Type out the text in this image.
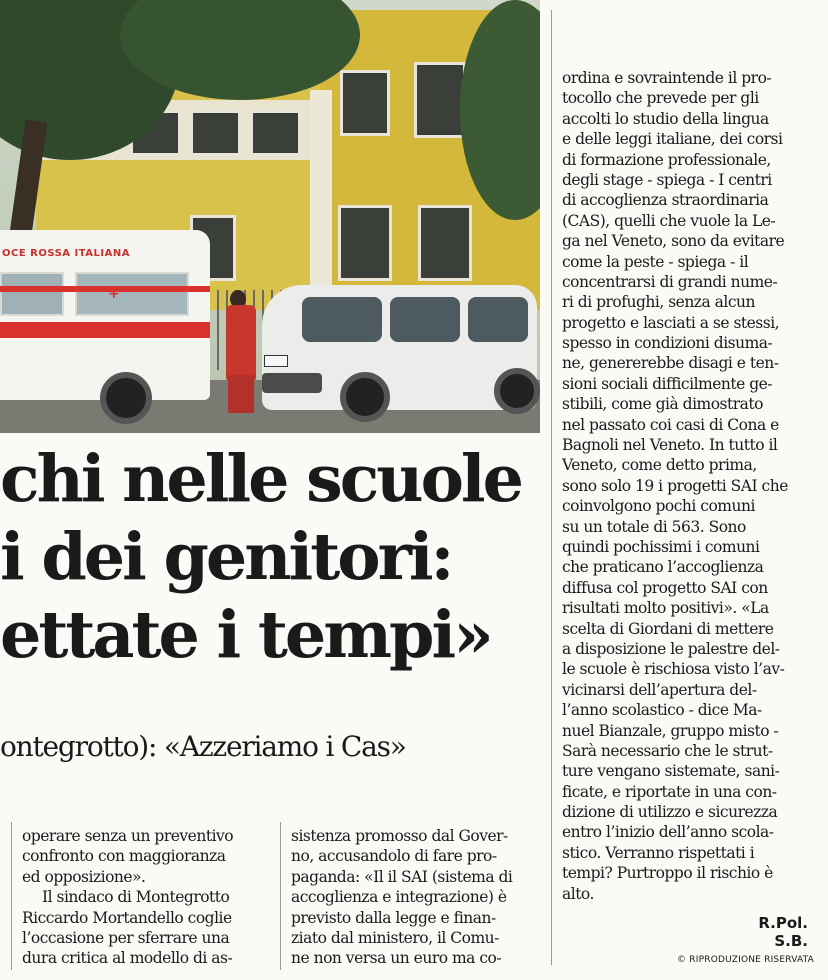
OCE ROSSA ITALIANA
+
chi nelle scuole
i dei genitori:
ettate i tempi»
ontegrotto): «Azzeriamo i Cas»
operare senza un preventivo
confronto con maggioranza
ed opposizione».
Il sindaco di Montegrotto
Riccardo Mortandello coglie
l’occasione per sferrare una
dura critica al modello di as-
sistenza promosso dal Gover-
no, accusandolo di fare pro-
paganda: «Il il SAI (sistema di
accoglienza e integrazione) è
previsto dalla legge e finan-
ziato dal ministero, il Comu-
ne non versa un euro ma co-
ordina e sovraintende il pro-
tocollo che prevede per gli
accolti lo studio della lingua
e delle leggi italiane, dei corsi
di formazione professionale,
degli stage - spiega - I centri
di accoglienza straordinaria
(CAS), quelli che vuole la Le-
ga nel Veneto, sono da evitare
come la peste - spiega - il
concentrarsi di grandi nume-
ri di profughi, senza alcun
progetto e lasciati a se stessi,
spesso in condizioni disuma-
ne, genererebbe disagi e ten-
sioni sociali difficilmente ge-
stibili, come già dimostrato
nel passato coi casi di Cona e
Bagnoli nel Veneto. In tutto il
Veneto, come detto prima,
sono solo 19 i progetti SAI che
coinvolgono pochi comuni
su un totale di 563. Sono
quindi pochissimi i comuni
che praticano l’accoglienza
diffusa col progetto SAI con
risultati molto positivi». «La
scelta di Giordani di mettere
a disposizione le palestre del-
le scuole è rischiosa visto l’av-
vicinarsi dell’apertura del-
l’anno scolastico - dice Ma-
nuel Bianzale, gruppo misto -
Sarà necessario che le strut-
ture vengano sistemate, sani-
ficate, e riportate in una con-
dizione di utilizzo e sicurezza
entro l’inizio dell’anno scola-
stico. Verranno rispettati i
tempi? Purtroppo il rischio è
alto.
R.Pol.
S.B.
© RIPRODUZIONE RISERVATA
